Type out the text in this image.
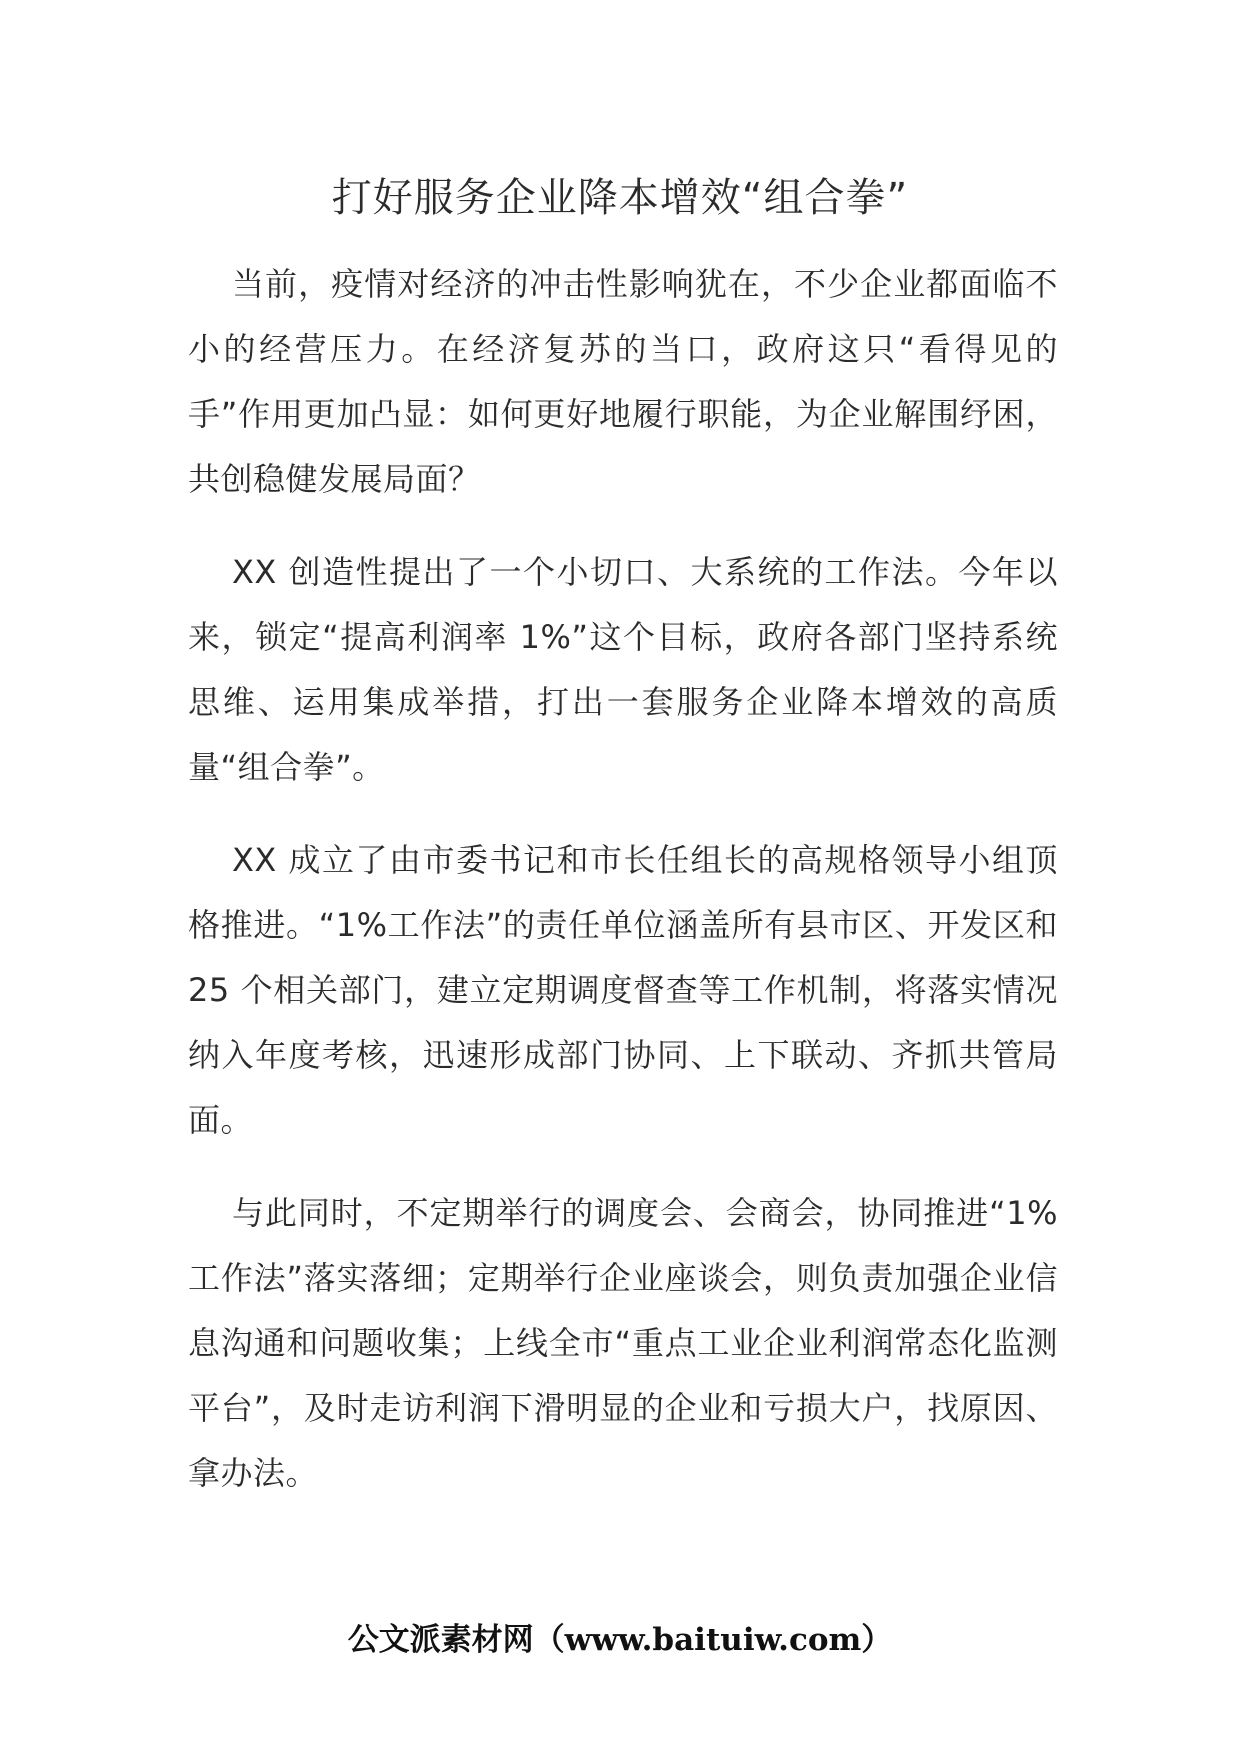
打好服务企业降本增效“组合拳”

当前，疫情对经济的冲击性影响犹在，不少企业都面临不小的经营压力。在经济复苏的当口，政府这只“看得见的手”作用更加凸显：如何更好地履行职能，为企业解围纾困，共创稳健发展局面？

XX 创造性提出了一个小切口、大系统的工作法。今年以来，锁定“提高利润率 1%”这个目标，政府各部门坚持系统思维、运用集成举措，打出一套服务企业降本增效的高质量“组合拳”。

XX 成立了由市委书记和市长任组长的高规格领导小组顶格推进。“1%工作法”的责任单位涵盖所有县市区、开发区和 25 个相关部门，建立定期调度督查等工作机制，将落实情况纳入年度考核，迅速形成部门协同、上下联动、齐抓共管局面。

与此同时，不定期举行的调度会、会商会，协同推进“1%工作法”落实落细；定期举行企业座谈会，则负责加强企业信息沟通和问题收集；上线全市“重点工业企业利润常态化监测平台”，及时走访利润下滑明显的企业和亏损大户，找原因、拿办法。

公文派素材网（www.baituiw.com）
